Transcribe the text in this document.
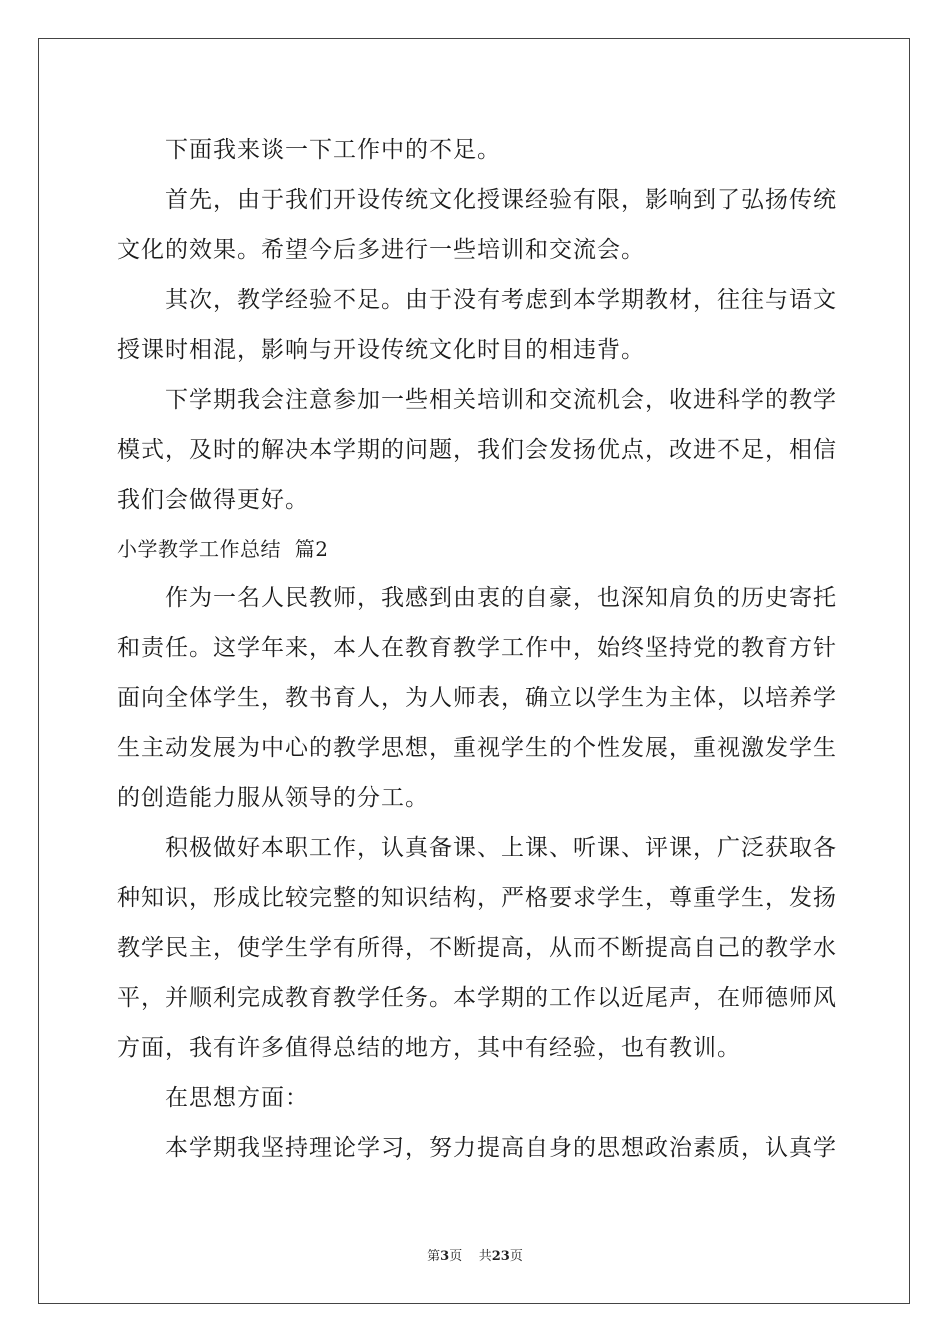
下面我来谈一下工作中的不足。

首先，由于我们开设传统文化授课经验有限，影响到了弘扬传统文化的效果。希望今后多进行一些培训和交流会。

其次，教学经验不足。由于没有考虑到本学期教材，往往与语文授课时相混，影响与开设传统文化时目的相违背。

下学期我会注意参加一些相关培训和交流机会，收进科学的教学模式，及时的解决本学期的问题，我们会发扬优点，改进不足，相信我们会做得更好。

小学教学工作总结  篇2

作为一名人民教师，我感到由衷的自豪，也深知肩负的历史寄托和责任。这学年来，本人在教育教学工作中，始终坚持党的教育方针面向全体学生，教书育人，为人师表，确立以学生为主体，以培养学生主动发展为中心的教学思想，重视学生的个性发展，重视激发学生的创造能力服从领导的分工。

积极做好本职工作，认真备课、上课、听课、评课，广泛获取各种知识，形成比较完整的知识结构，严格要求学生，尊重学生，发扬教学民主，使学生学有所得，不断提高，从而不断提高自己的教学水平，并顺利完成教育教学任务。本学期的工作以近尾声，在师德师风方面，我有许多值得总结的地方，其中有经验，也有教训。

在思想方面：

本学期我坚持理论学习，努力提高自身的思想政治素质，认真学

第3页    共23页
